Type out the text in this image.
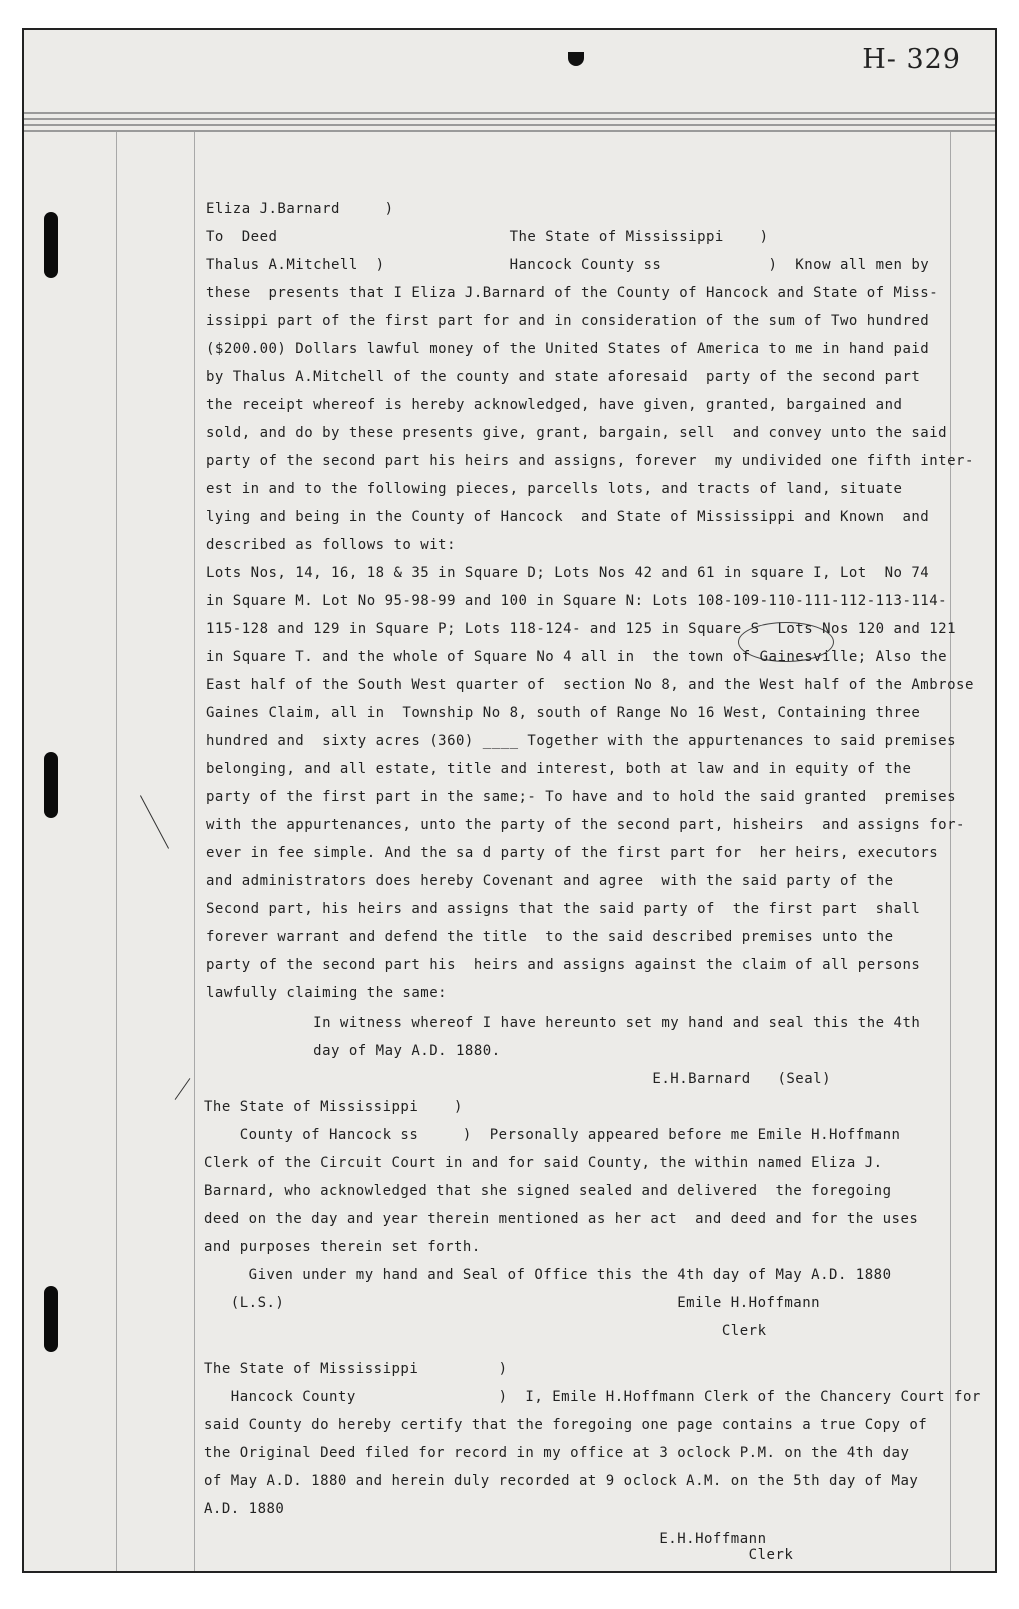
H- 329
Eliza J.Barnard     )
To  Deed                          The State of Mississippi    )
Thalus A.Mitchell  )              Hancock County ss            )  Know all men by
these  presents that I Eliza J.Barnard of the County of Hancock and State of Miss-
issippi part of the first part for and in consideration of the sum of Two hundred
($200.00) Dollars lawful money of the United States of America to me in hand paid
by Thalus A.Mitchell of the county and state aforesaid  party of the second part
the receipt whereof is hereby acknowledged, have given, granted, bargained and
sold, and do by these presents give, grant, bargain, sell  and convey unto the said
party of the second part his heirs and assigns, forever  my undivided one fifth inter-
est in and to the following pieces, parcells lots, and tracts of land, situate
lying and being in the County of Hancock  and State of Mississippi and Known  and
described as follows to wit:
Lots Nos, 14, 16, 18 & 35 in Square D; Lots Nos 42 and 61 in square I, Lot  No 74
in Square M. Lot No 95-98-99 and 100 in Square N: Lots 108-109-110-111-112-113-114-
115-128 and 129 in Square P; Lots 118-124- and 125 in Square S  Lots Nos 120 and 121
in Square T. and the whole of Square No 4 all in  the town of Gainesville; Also the
East half of the South West quarter of  section No 8, and the West half of the Ambrose
Gaines Claim, all in  Township No 8, south of Range No 16 West, Containing three
hundred and  sixty acres (360) ____ Together with the appurtenances to said premises
belonging, and all estate, title and interest, both at law and in equity of the
party of the first part in the same;- To have and to hold the said granted  premises
with the appurtenances, unto the party of the second part, hisheirs  and assigns for-
ever in fee simple. And the sa d party of the first part for  her heirs, executors
and administrators does hereby Covenant and agree  with the said party of the
Second part, his heirs and assigns that the said party of  the first part  shall
forever warrant and defend the title  to the said described premises unto the
party of the second part his  heirs and assigns against the claim of all persons
lawfully claiming the same:
In witness whereof I have hereunto set my hand and seal this the 4th
day of May A.D. 1880.
E.H.Barnard   (Seal)
The State of Mississippi    )
County of Hancock ss     )  Personally appeared before me Emile H.Hoffmann
Clerk of the Circuit Court in and for said County, the within named Eliza J.
Barnard, who acknowledged that she signed sealed and delivered  the foregoing
deed on the day and year therein mentioned as her act  and deed and for the uses
and purposes therein set forth.
Given under my hand and Seal of Office this the 4th day of May A.D. 1880
(L.S.)                                            Emile H.Hoffmann
Clerk
The State of Mississippi         )
Hancock County                )  I, Emile H.Hoffmann Clerk of the Chancery Court for
said County do hereby certify that the foregoing one page contains a true Copy of
the Original Deed filed for record in my office at 3 oclock P.M. on the 4th day
of May A.D. 1880 and herein duly recorded at 9 oclock A.M. on the 5th day of May
A.D. 1880
E.H.Hoffmann
Clerk
